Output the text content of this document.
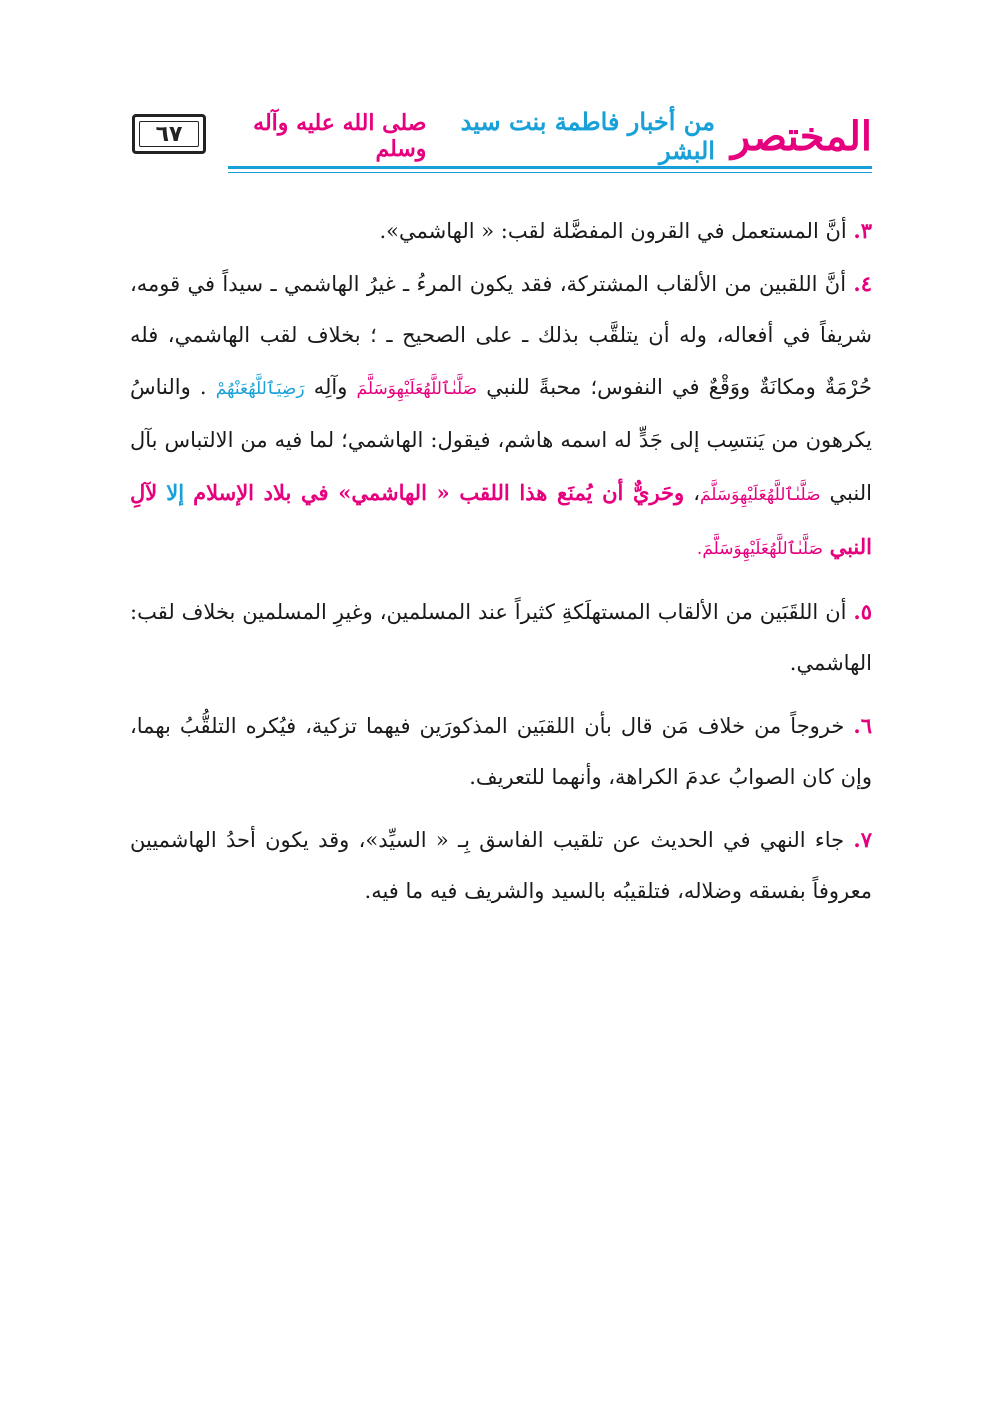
٦٧	صلى الله عليه وآله وسلم
من أخبار فاطمة بنت سيد البشر المختصر

٣. أنَّ المستعمل في القرون المفضَّلة لقب: « الهاشمي».

٤. أنَّ اللقبين من الألقاب المشتركة، فقد يكون المرءُ ـ غيرُ الهاشمي ـ سيداً في قومه، شريفاً في أفعاله، وله أن يتلقَّب بذلك ـ على الصحيح ـ ؛ بخلاف لقب الهاشمي، فله حُرْمَةٌ ومكانَةٌ ووَقْعٌ في النفوس؛ محبةً للنبي صَلَّىٰٱللَّهُعَلَيْهِوَسَلَّمَ وآلِه رَضِيَٱللَّهُعَنْهُمْ . والناسُ يكرهون من يَنتسِب إلى جَدٍّ له اسمه هاشم، فيقول: الهاشمي؛ لما فيه من الالتباس بآل النبي صَلَّىٰٱللَّهُعَلَيْهِوَسَلَّمَ، وحَريٌّ أن يُمنَع هذا اللقب « الهاشمي» في بلاد الإسلام إلا لآلِ النبي صَلَّىٰٱللَّهُعَلَيْهِوَسَلَّمَ.

٥. أن اللقَبَين من الألقاب المستهلَكةِ كثيراً عند المسلمين، وغيرِ المسلمين بخلاف لقب: الهاشمي.

٦. خروجاً من خلاف مَن قال بأن اللقبَين المذكورَين فيهما تزكية، فيُكره التلقُّبُ بهما، وإن كان الصوابُ عدمَ الكراهة، وأنهما للتعريف.

٧. جاء النهي في الحديث عن تلقيب الفاسق بِـ « السيِّد»، وقد يكون أحدُ الهاشميين معروفاً بفسقه وضلاله، فتلقيبُه بالسيد والشريف فيه ما فيه.
